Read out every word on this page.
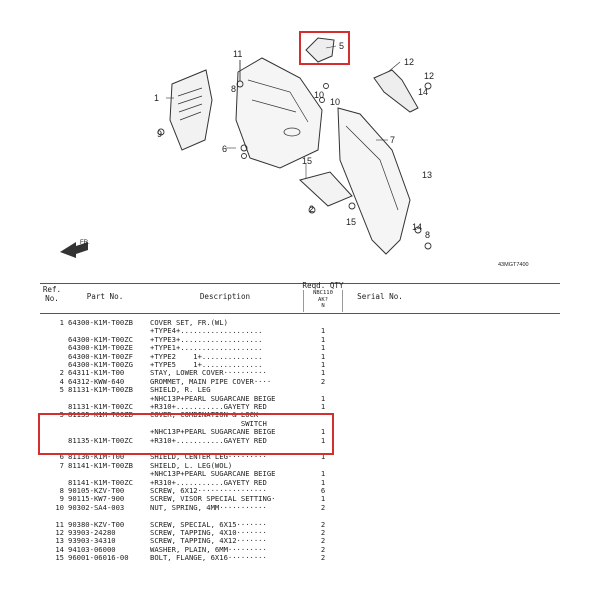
1
9
11
8
5
10
10
12
12
14
7
15
15
2
13
14
8
6
FR.
43MGT7400
Ref.
No.	Part No.	Description
Reqd. QTY
NBC110
AK?
N
Serial No.
1 64300-K1M-T00ZB COVER SET, FR.(WL)
+TYPE4+...................	1
64300-K1M-T00ZC +TYPE3+...................	1
64300-K1M-T00ZE +TYPE1+...................	1
64300-K1M-T00ZF +TYPE2    1+..............	1
64300-K1M-T00ZG +TYPE5    1+..............	1
2 64311-K1M-T00	STAY, LOWER COVER··········	1
4 64312-KWW-640	GROMMET, MAIN PIPE COVER····	2
5 81131-K1M-T00ZB SHIELD, R. LEG
+NHC13P+PEARL SUGARCANE BEIGE	1
81131-K1M-T00ZC +R310+...........GAYETY RED	1
5 81135-K1M-T00ZB COVER, COMBINATION & LOCK
SWITCH
+NHC13P+PEARL SUGARCANE BEIGE	1
81135-K1M-T00ZC +R310+...........GAYETY RED	1
6 81136-K1M-T00	SHIELD, CENTER LEG·········	1
7 81141-K1M-T00ZB SHIELD, L. LEG(WOL)
+NHC13P+PEARL SUGARCANE BEIGE	1
81141-K1M-T00ZC +R310+...........GAYETY RED	1
8 90105-KZV-T00	SCREW, 6X12················	6
9 90115-KW7-900	SCREW, VISOR SPECIAL SETTING·	1
10 90302-SA4-003	NUT, SPRING, 4MM···········	2
11 90380-KZV-T00	SCREW, SPECIAL, 6X15·······	2
12 93903-24280	SCREW, TAPPING, 4X10·······	2
13 93903-34310	SCREW, TAPPING, 4X12·······	2
14 94103-06000	WASHER, PLAIN, 6MM·········	2
15 96001-06016-00	BOLT, FLANGE, 6X16·········	2
